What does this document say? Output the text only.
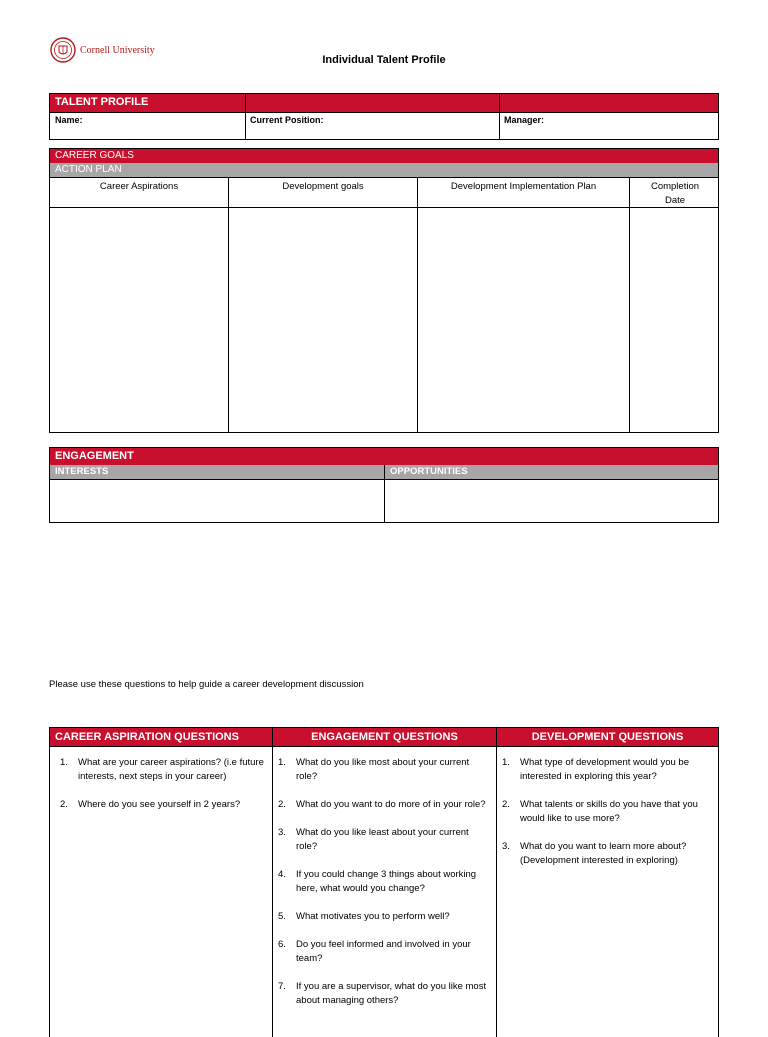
Cornell University
Individual Talent Profile
TALENT PROFILE
Name:	Current Position:	Manager:
CAREER GOALS
ACTION PLAN
Career Aspirations	Development goals	Development Implementation Plan	Completion Date
ENGAGEMENT
INTERESTS	OPPORTUNITIES
Please use these questions to help guide a career development discussion
CAREER ASPIRATION QUESTIONS	ENGAGEMENT QUESTIONS	DEVELOPMENT QUESTIONS
1. What are your career aspirations? (i.e future interests, next steps in your career)
2. Where do you see yourself in 2 years?
1. What do you like most about your current role?
2. What do you want to do more of in your role?
3. What do you like least about your current role?
4. If you could change 3 things about working here, what would you change?
5. What motivates you to perform well?
6. Do you feel informed and involved in your team?
7. If you are a supervisor, what do you like most about managing others?
1. What type of development would you be interested in exploring this year?
2. What talents or skills do you have that you would like to use more?
3. What do you want to learn more about? (Development interested in exploring)
